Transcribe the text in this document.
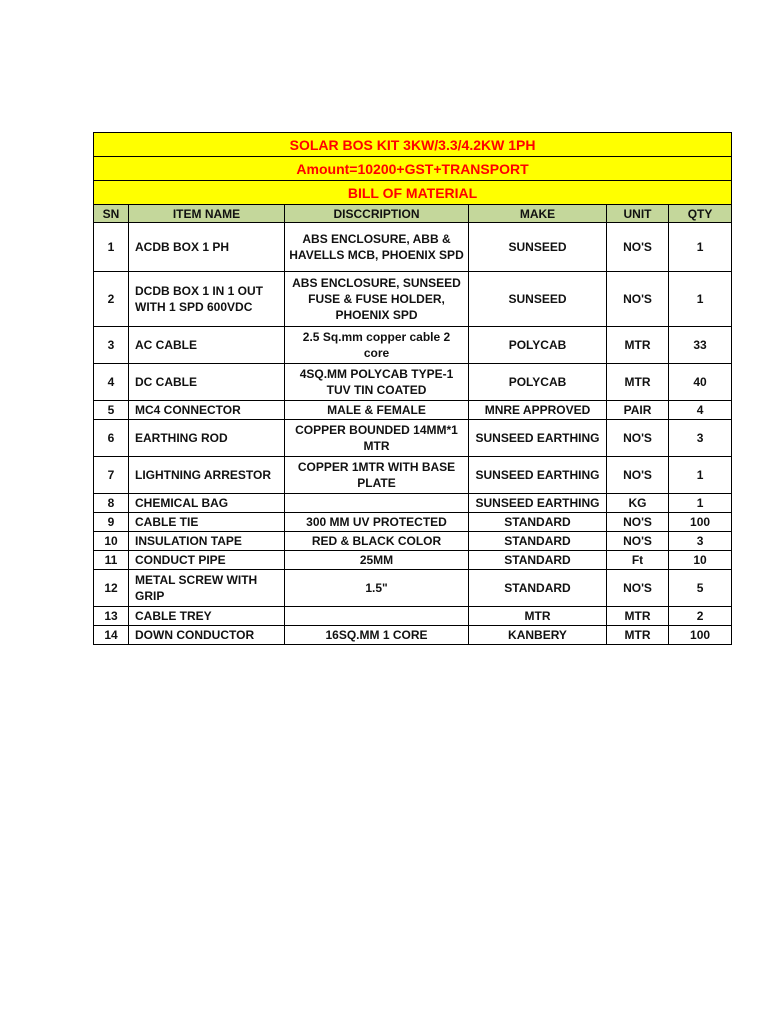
SOLAR BOS KIT 3KW/3.3/4.2KW 1PH					
Amount=10200+GST+TRANSPORT					
BILL OF MATERIAL					
SN	ITEM NAME	DISCCRIPTION	MAKE	UNIT	QTY
1	ACDB BOX 1 PH	ABS ENCLOSURE, ABB & HAVELLS MCB, PHOENIX SPD	SUNSEED	NO'S	1
2	DCDB BOX 1 IN 1 OUT WITH 1 SPD 600VDC	ABS ENCLOSURE, SUNSEED FUSE & FUSE HOLDER, PHOENIX SPD	SUNSEED	NO'S	1
3	AC CABLE	2.5 Sq.mm copper cable 2 core	POLYCAB	MTR	33
4	DC CABLE	4SQ.MM POLYCAB TYPE-1 TUV TIN COATED	POLYCAB	MTR	40
5	MC4 CONNECTOR	MALE & FEMALE	MNRE APPROVED	PAIR	4
6	EARTHING ROD	COPPER BOUNDED 14MM*1 MTR	SUNSEED EARTHING	NO'S	3
7	LIGHTNING ARRESTOR	COPPER 1MTR WITH BASE PLATE	SUNSEED EARTHING	NO'S	1
8	CHEMICAL BAG		SUNSEED EARTHING	KG	1
9	CABLE TIE	300 MM UV PROTECTED	STANDARD	NO'S	100
10	INSULATION TAPE	RED & BLACK COLOR	STANDARD	NO'S	3
11	CONDUCT PIPE	25MM	STANDARD	Ft	10
12	METAL SCREW WITH GRIP	1.5"	STANDARD	NO'S	5
13	CABLE TREY		MTR	MTR	2
14	DOWN CONDUCTOR	16SQ.MM 1 CORE	KANBERY	MTR	100
